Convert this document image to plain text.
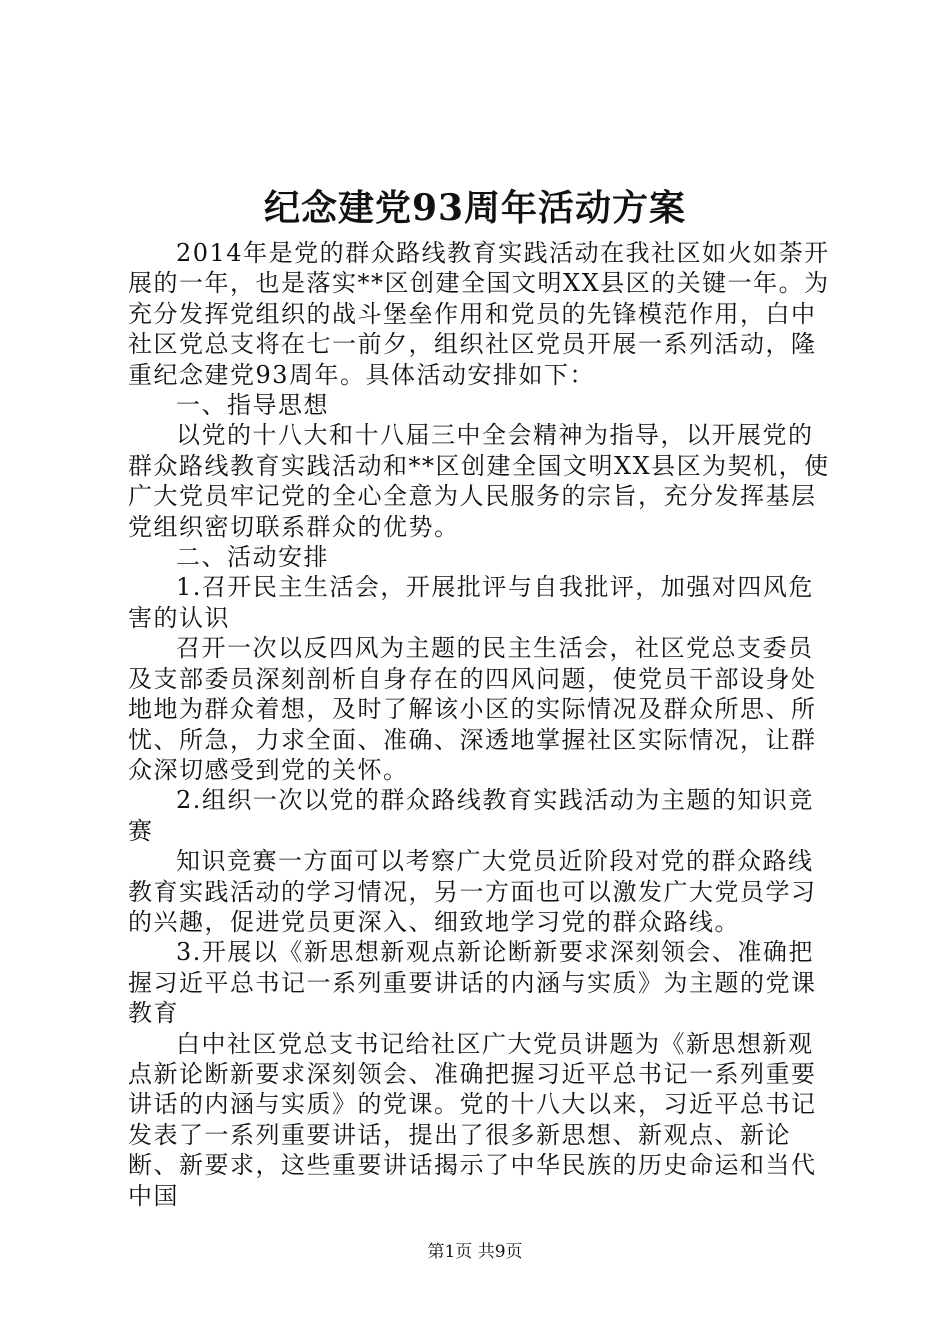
纪念建党93周年活动方案

2014年是党的群众路线教育实践活动在我社区如火如荼开展的一年，也是落实**区创建全国文明XX县区的关键一年。为充分发挥党组织的战斗堡垒作用和党员的先锋模范作用，白中社区党总支将在七一前夕，组织社区党员开展一系列活动，隆重纪念建党93周年。具体活动安排如下：

一、指导思想

以党的十八大和十八届三中全会精神为指导，以开展党的群众路线教育实践活动和**区创建全国文明XX县区为契机，使广大党员牢记党的全心全意为人民服务的宗旨，充分发挥基层党组织密切联系群众的优势。

二、活动安排

1.召开民主生活会，开展批评与自我批评，加强对四风危害的认识

召开一次以反四风为主题的民主生活会，社区党总支委员及支部委员深刻剖析自身存在的四风问题，使党员干部设身处地地为群众着想，及时了解该小区的实际情况及群众所思、所忧、所急，力求全面、准确、深透地掌握社区实际情况，让群众深切感受到党的关怀。

2.组织一次以党的群众路线教育实践活动为主题的知识竞赛

知识竞赛一方面可以考察广大党员近阶段对党的群众路线教育实践活动的学习情况，另一方面也可以激发广大党员学习的兴趣，促进党员更深入、细致地学习党的群众路线。

3.开展以《新思想新观点新论断新要求深刻领会、准确把握习近平总书记一系列重要讲话的内涵与实质》为主题的党课教育

白中社区党总支书记给社区广大党员讲题为《新思想新观点新论断新要求深刻领会、准确把握习近平总书记一系列重要讲话的内涵与实质》的党课。党的十八大以来，习近平总书记发表了一系列重要讲话，提出了很多新思想、新观点、新论断、新要求，这些重要讲话揭示了中华民族的历史命运和当代中国

第1页 共9页
